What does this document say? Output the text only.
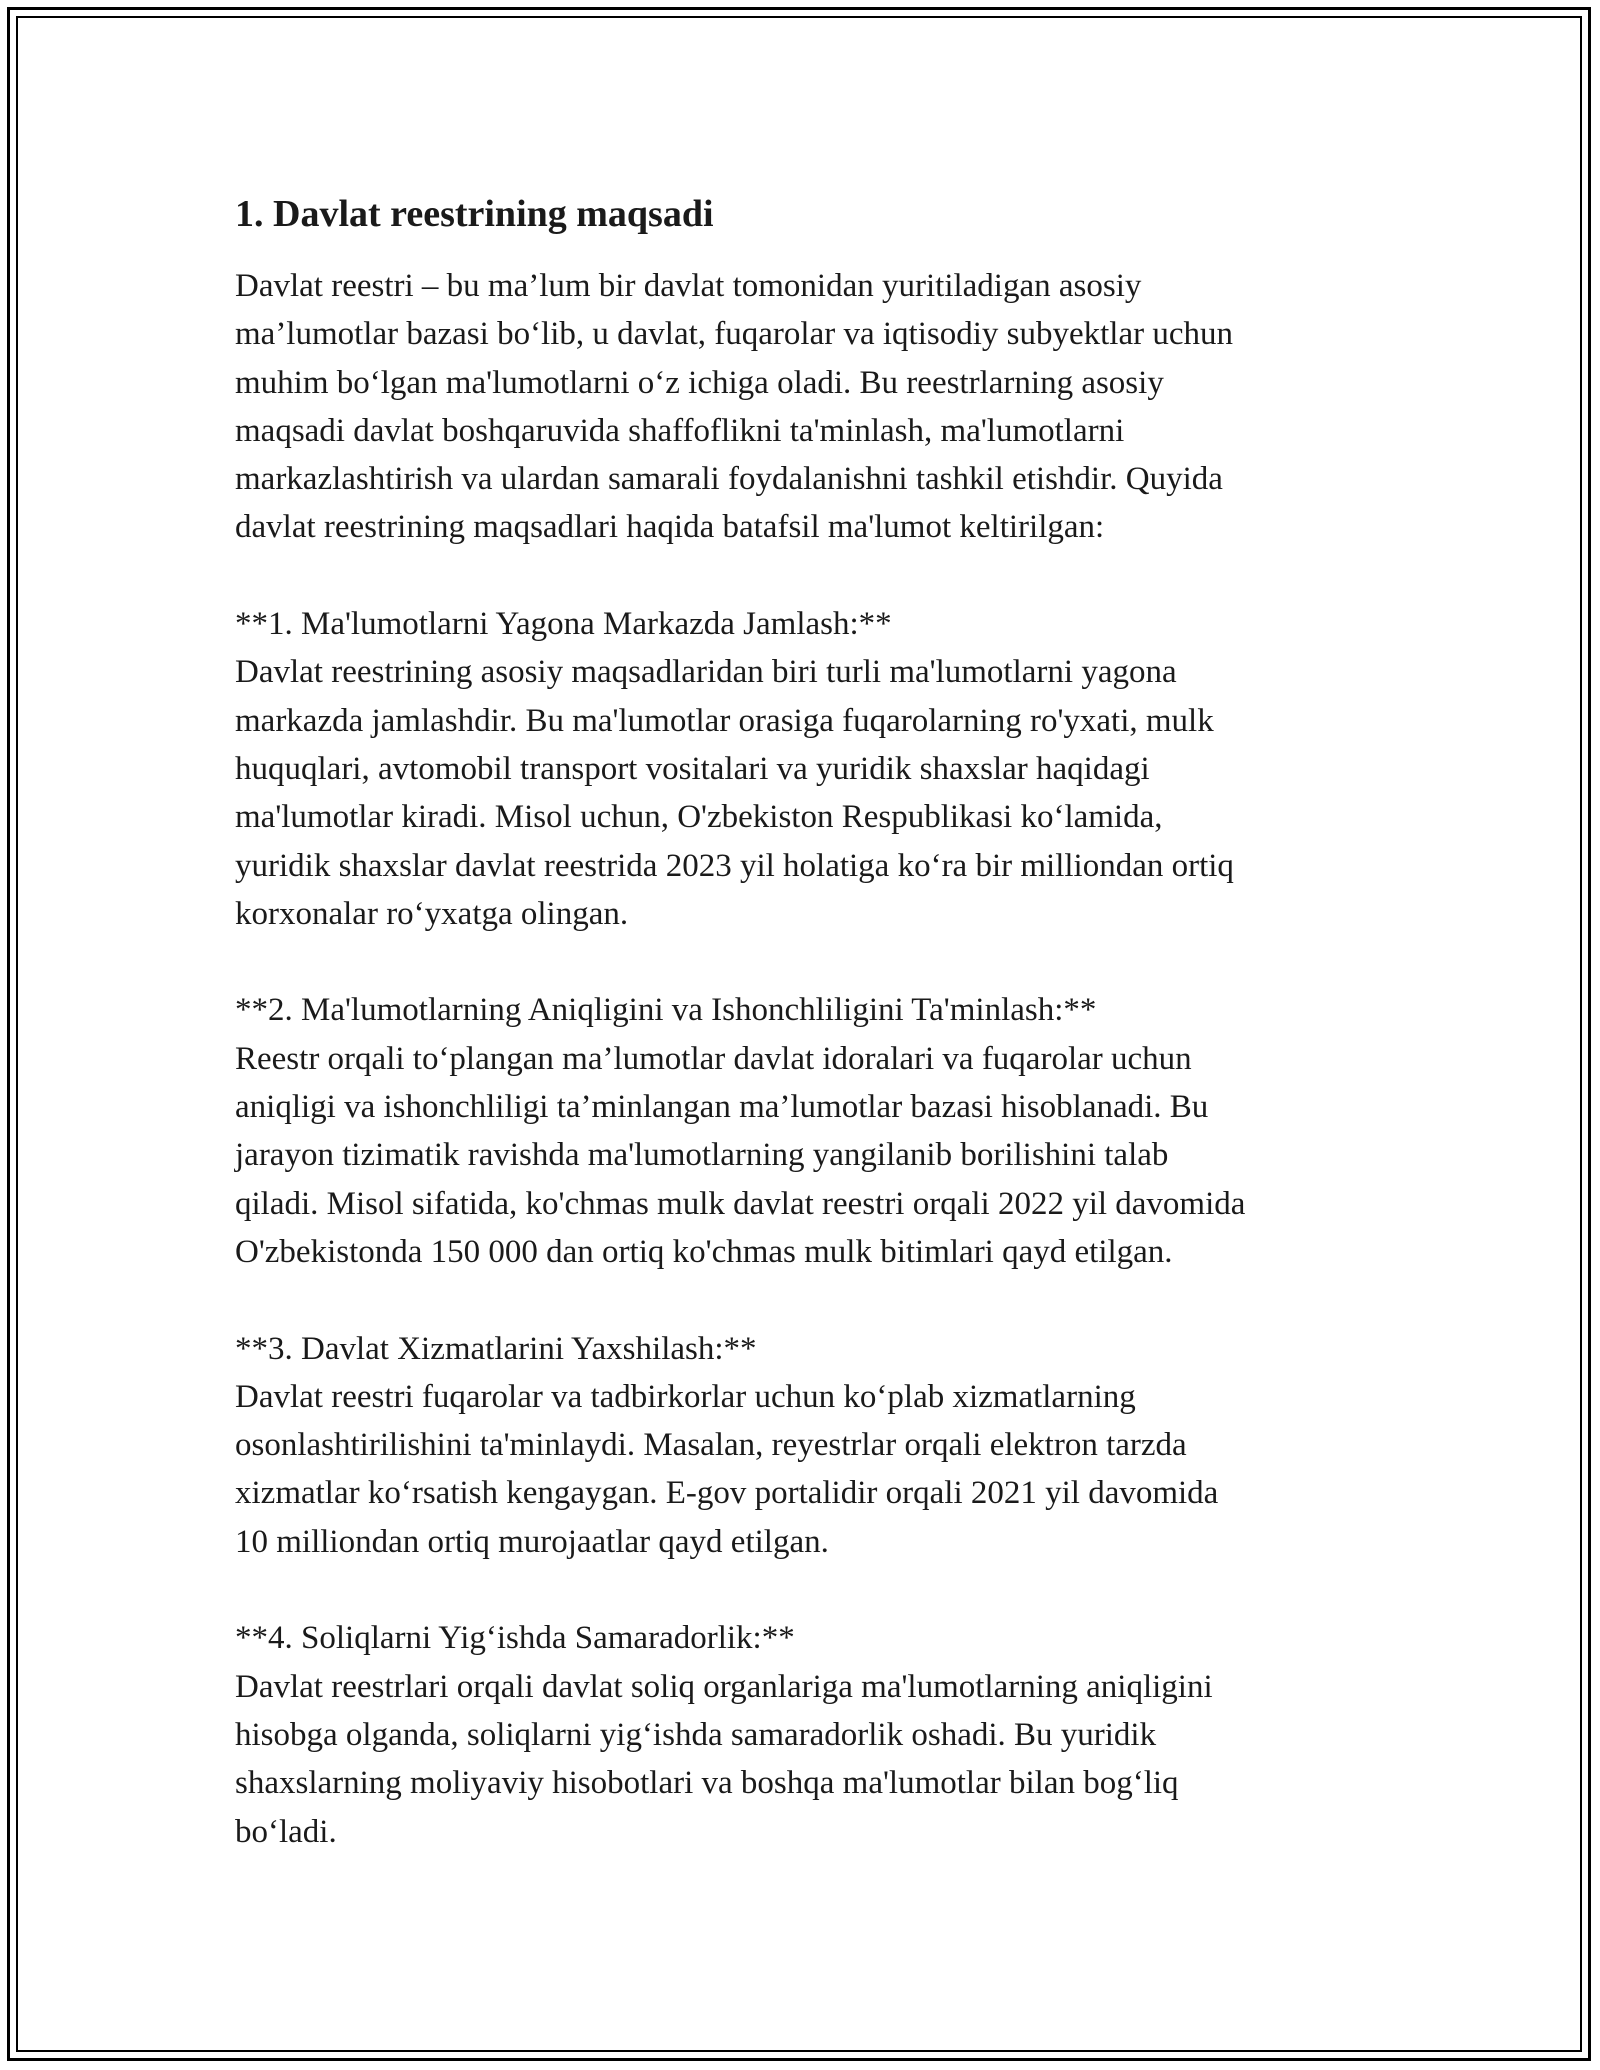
1. Davlat reestrining maqsadi

Davlat reestri – bu ma’lum bir davlat tomonidan yuritiladigan asosiy
ma’lumotlar bazasi bo‘lib, u davlat, fuqarolar va iqtisodiy subyektlar uchun
muhim bo‘lgan ma'lumotlarni o‘z ichiga oladi. Bu reestrlarning asosiy
maqsadi davlat boshqaruvida shaffoflikni ta'minlash, ma'lumotlarni
markazlashtirish va ulardan samarali foydalanishni tashkil etishdir. Quyida
davlat reestrining maqsadlari haqida batafsil ma'lumot keltirilgan:

**1. Ma'lumotlarni Yagona Markazda Jamlash:**

Davlat reestrining asosiy maqsadlaridan biri turli ma'lumotlarni yagona
markazda jamlashdir. Bu ma'lumotlar orasiga fuqarolarning ro'yxati, mulk
huquqlari, avtomobil transport vositalari va yuridik shaxslar haqidagi
ma'lumotlar kiradi. Misol uchun, O'zbekiston Respublikasi ko‘lamida,
yuridik shaxslar davlat reestrida 2023 yil holatiga ko‘ra bir milliondan ortiq
korxonalar ro‘yxatga olingan.

**2. Ma'lumotlarning Aniqligini va Ishonchliligini Ta'minlash:**

Reestr orqali to‘plangan ma’lumotlar davlat idoralari va fuqarolar uchun
aniqligi va ishonchliligi ta’minlangan ma’lumotlar bazasi hisoblanadi. Bu
jarayon tizimatik ravishda ma'lumotlarning yangilanib borilishini talab
qiladi. Misol sifatida, ko'chmas mulk davlat reestri orqali 2022 yil davomida
O'zbekistonda 150 000 dan ortiq ko'chmas mulk bitimlari qayd etilgan.

**3. Davlat Xizmatlarini Yaxshilash:**

Davlat reestri fuqarolar va tadbirkorlar uchun ko‘plab xizmatlarning
osonlashtirilishini ta'minlaydi. Masalan, reyestrlar orqali elektron tarzda
xizmatlar ko‘rsatish kengaygan. E-gov portalidir orqali 2021 yil davomida
10 milliondan ortiq murojaatlar qayd etilgan.

**4. Soliqlarni Yig‘ishda Samaradorlik:**

Davlat reestrlari orqali davlat soliq organlariga ma'lumotlarning aniqligini
hisobga olganda, soliqlarni yig‘ishda samaradorlik oshadi. Bu yuridik
shaxslarning moliyaviy hisobotlari va boshqa ma'lumotlar bilan bog‘liq
bo‘ladi.
